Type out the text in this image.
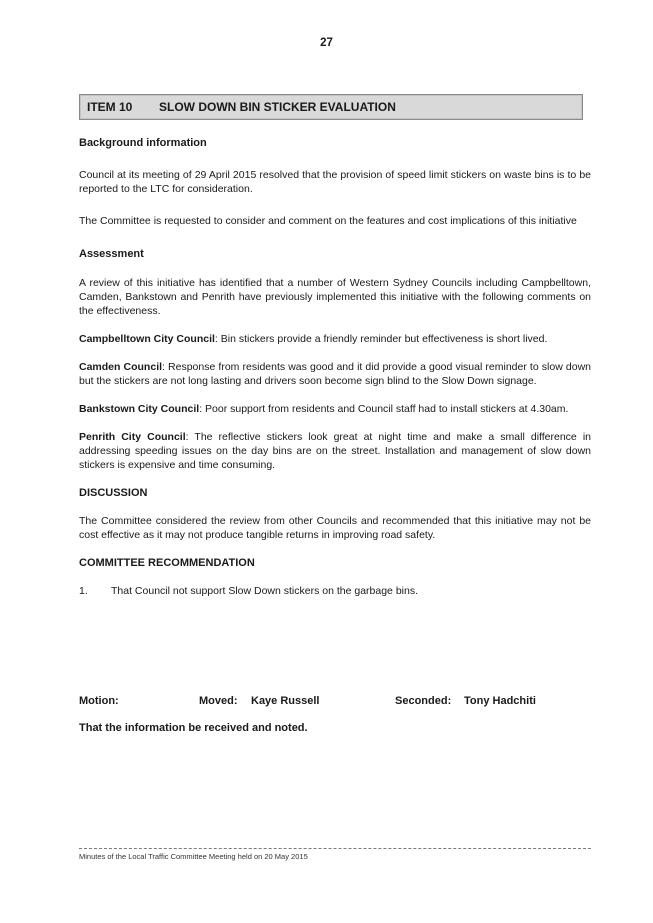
27
ITEM 10 SLOW DOWN BIN STICKER EVALUATION

Background information

Council at its meeting of 29 April 2015 resolved that the provision of speed limit stickers on waste bins is to be reported to the LTC for consideration.

The Committee is requested to consider and comment on the features and cost implications of this initiative

Assessment

A review of this initiative has identified that a number of Western Sydney Councils including Campbelltown, Camden, Bankstown and Penrith have previously implemented this initiative with the following comments on the effectiveness.

Campbelltown City Council: Bin stickers provide a friendly reminder but effectiveness is short lived.

Camden Council: Response from residents was good and it did provide a good visual reminder to slow down but the stickers are not long lasting and drivers soon become sign blind to the Slow Down signage.

Bankstown City Council: Poor support from residents and Council staff had to install stickers at 4.30am.

Penrith City Council: The reflective stickers look great at night time and make a small difference in addressing speeding issues on the day bins are on the street. Installation and management of slow down stickers is expensive and time consuming.

DISCUSSION

The Committee considered the review from other Councils and recommended that this initiative may not be cost effective as it may not produce tangible returns in improving road safety.

COMMITTEE RECOMMENDATION

1.	That Council not support Slow Down stickers on the garbage bins.
Motion:	Moved: Kaye Russell	Seconded: Tony Hadchiti
That the information be received and noted.
Minutes of the Local Traffic Committee Meeting held on 20 May 2015
